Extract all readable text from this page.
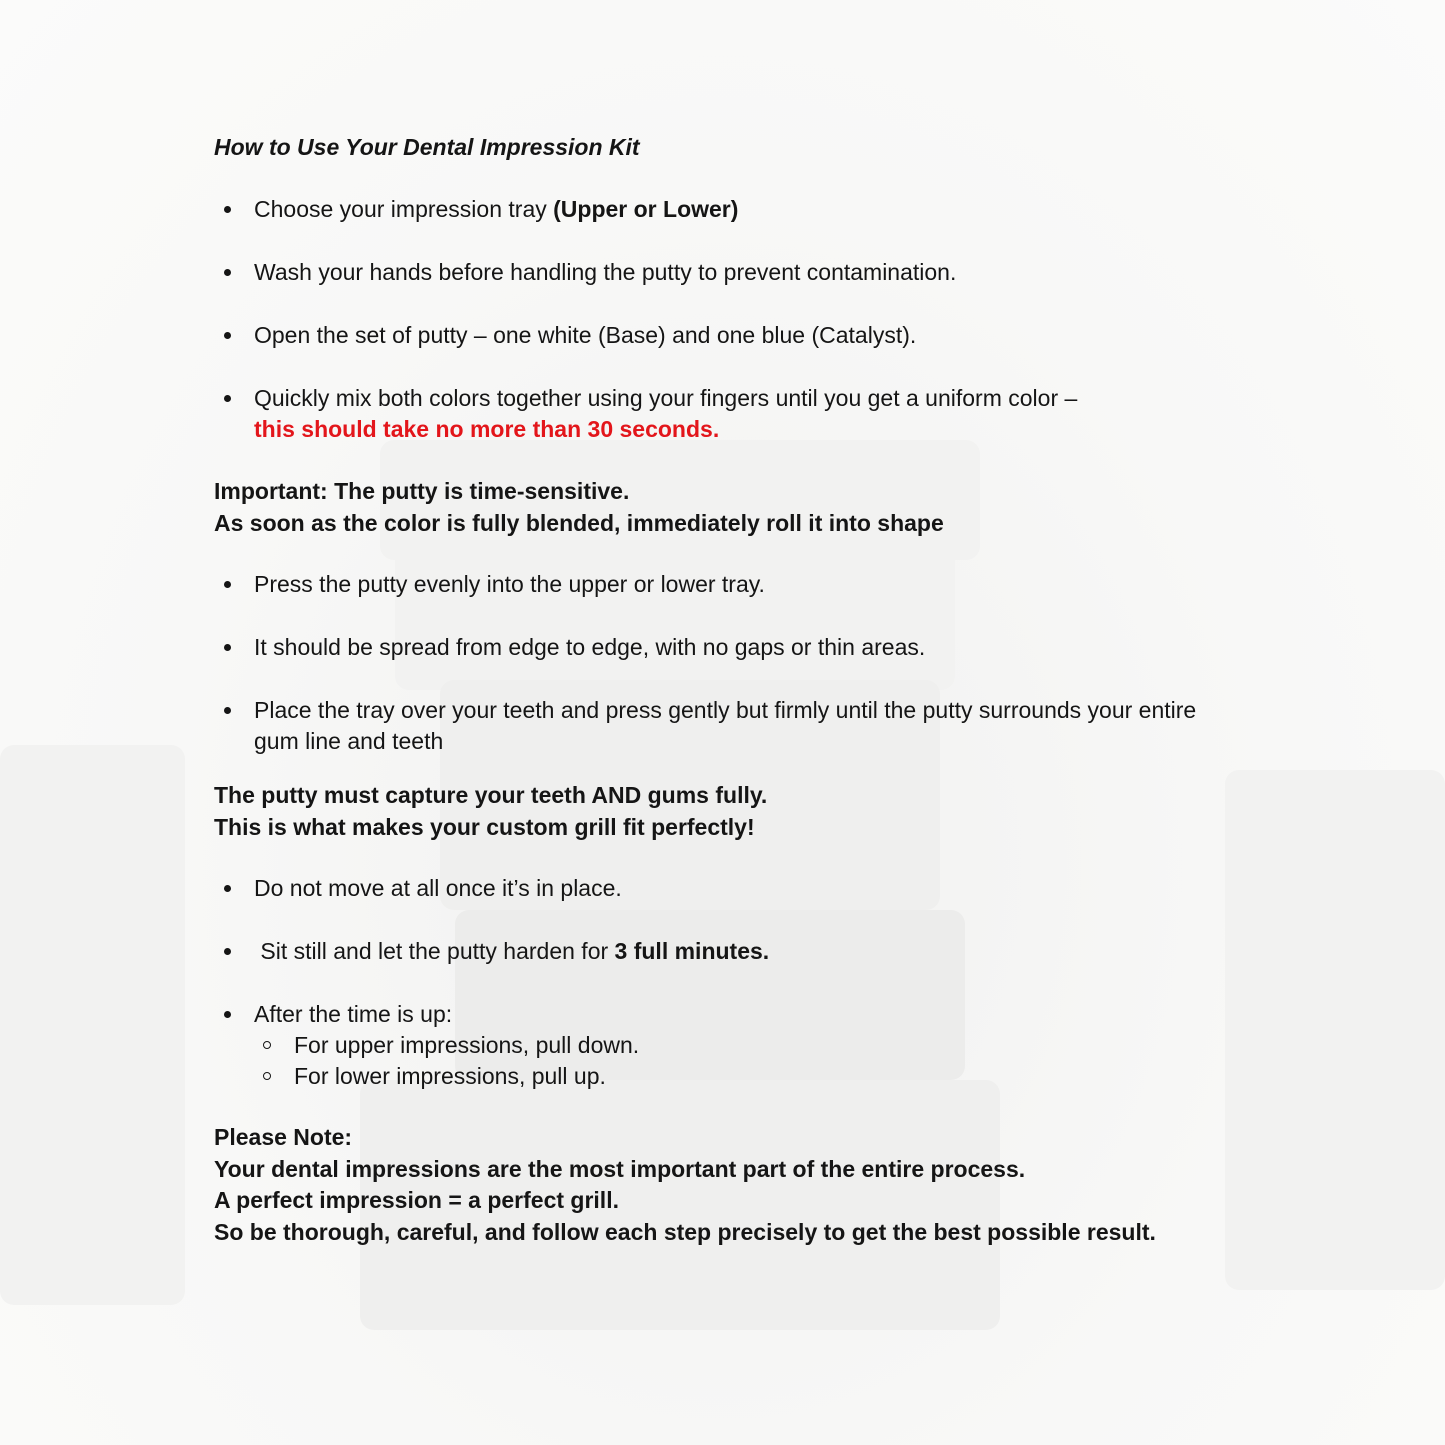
How to Use Your Dental Impression Kit
Choose your impression tray (Upper or Lower)
Wash your hands before handling the putty to prevent contamination.
Open the set of putty – one white (Base) and one blue (Catalyst).
Quickly mix both colors together using your fingers until you get a uniform color –
this should take no more than 30 seconds.

Important: The putty is time-sensitive.

As soon as the color is fully blended, immediately roll it into shape

Press the putty evenly into the upper or lower tray.
It should be spread from edge to edge, with no gaps or thin areas.
Place the tray over your teeth and press gently but firmly until the putty surrounds your entire gum line and teeth

The putty must capture your teeth AND gums fully.

This is what makes your custom grill fit perfectly!

Do not move at all once it’s in place.
Sit still and let the putty harden for 3 full minutes.
After the time is up:
For upper impressions, pull down.
For lower impressions, pull up.

Please Note:

Your dental impressions are the most important part of the entire process.

A perfect impression = a perfect grill.

So be thorough, careful, and follow each step precisely to get the best possible result.
